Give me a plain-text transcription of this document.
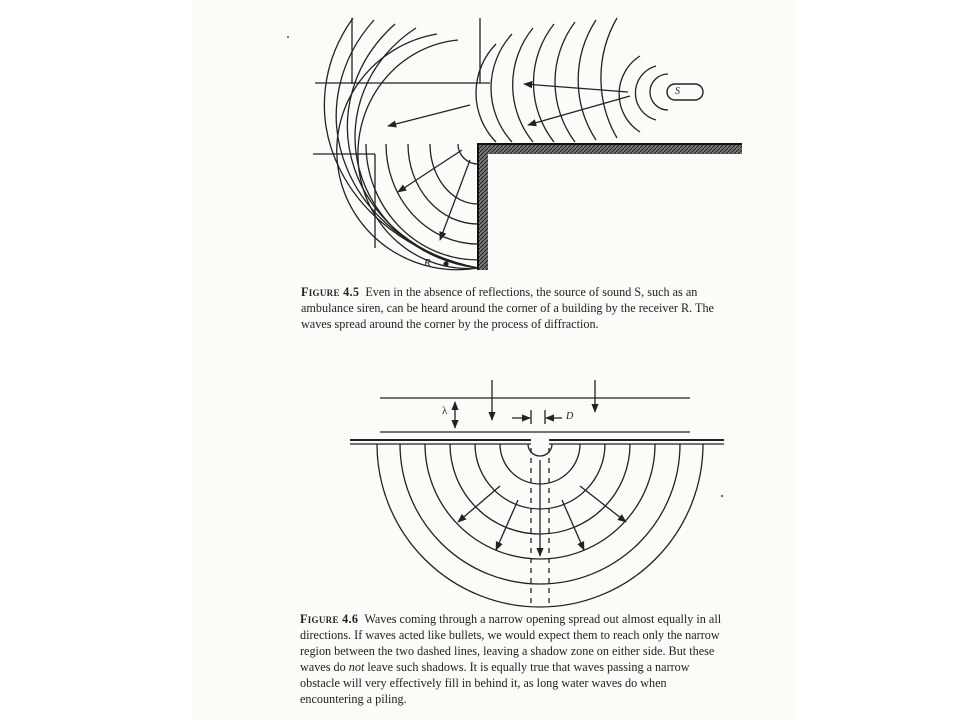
S
R
λ	D
Figure 4.5 Even in the absence of reflections, the source of sound S, such as an ambulance siren, can be heard around the corner of a building by the receiver R. The waves spread around the corner by the process of diffraction.
Figure 4.6 Waves coming through a narrow opening spread out almost equally in all directions. If waves acted like bullets, we would expect them to reach only the narrow region between the two dashed lines, leaving a shadow zone on either side. But these waves do not leave such shadows. It is equally true that waves passing a narrow obstacle will very effectively fill in behind it, as long water waves do when encountering a piling.
